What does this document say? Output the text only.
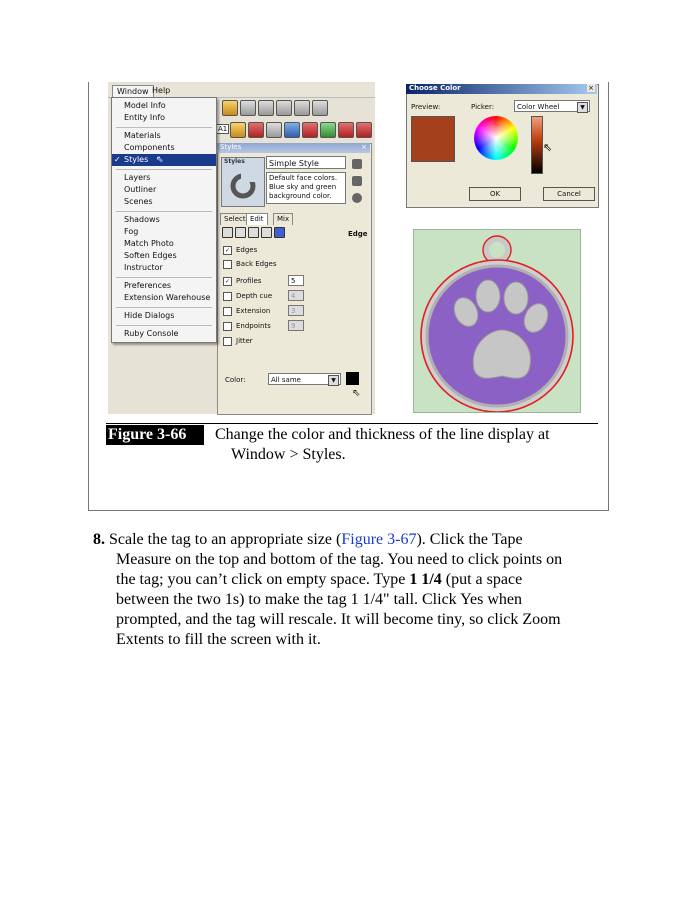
Window Help
A1
Styles	×
Styles	Simple Style
Default face colors. Blue sky and green background color.
Select Edit	Mix
Edge
✓ Edges
Back Edges
✓ Profiles	5
Depth cue	4
Extension	3
Endpoints	9
Jitter
Color:	All same	▼
⇖
Model Info
Entity Info
Materials
Components
✓ Styles ⇖
Layers
Outliner
Scenes
Shadows
Fog
Match Photo
Soften Edges
Instructor
Preferences
Extension Warehouse
Hide Dialogs
Ruby Console
Preview:	Picker:
OK	Cancel
Choose Color	×
Color Wheel	▼
⇖
Figure 3-66	Change the color and thickness of the line display at
Window > Styles.
8. Scale the tag to an appropriate size (Figure 3-67). Click the Tape
Measure on the top and bottom of the tag. You need to click points on
the tag; you can’t click on empty space. Type 1 1/4 (put a space
between the two 1s) to make the tag 1 1/4" tall. Click Yes when
prompted, and the tag will rescale. It will become tiny, so click Zoom
Extents to fill the screen with it.
